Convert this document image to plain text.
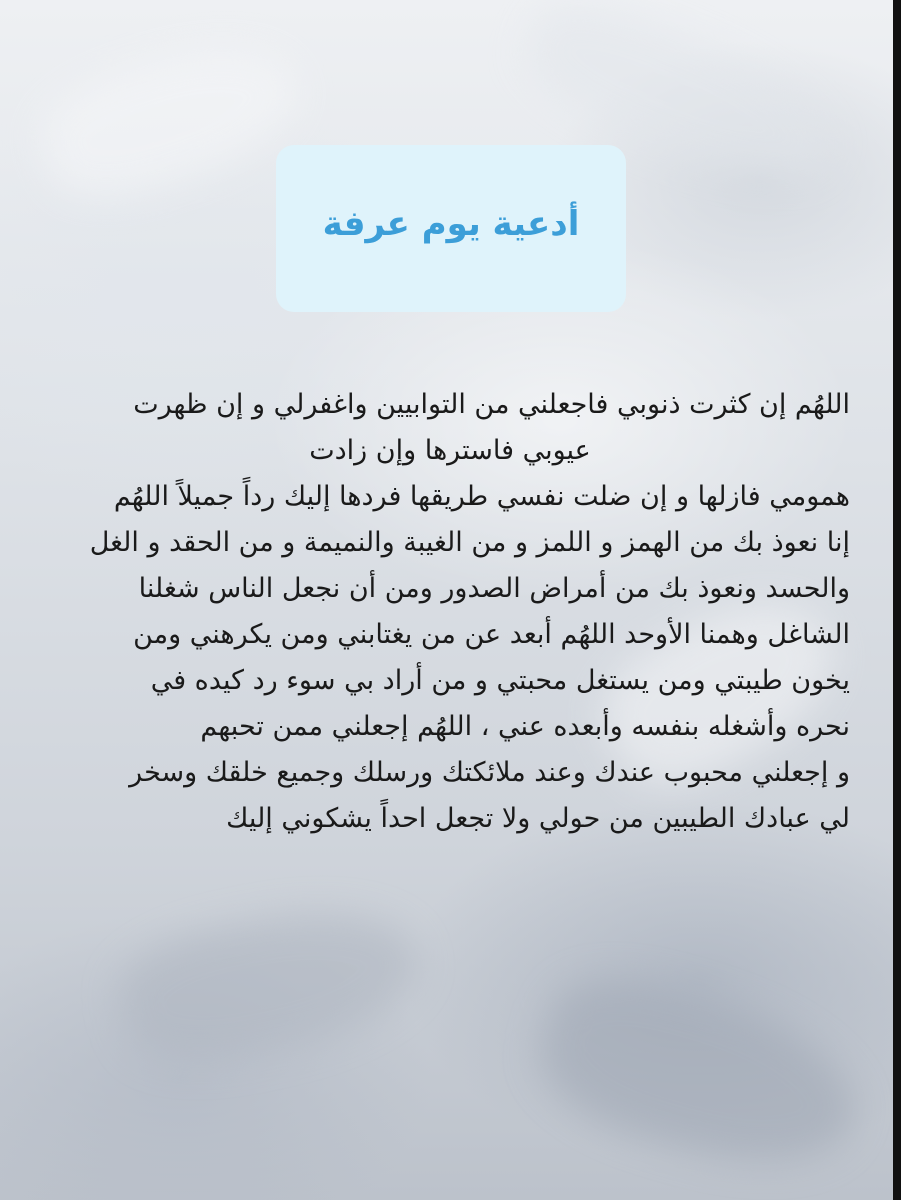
أدعية يوم عرفة
اللهُم إن كثرت ذنوبي فاجعلني من التوابيين واغفرلي و إن ظهرت
عيوبي فاسترها وإن زادت
همومي فازلها و إن ضلت نفسي طريقها فردها إليك رداً جميلاً اللهُم
إنا نعوذ بك من الهمز و اللمز و من الغيبة والنميمة و من الحقد و الغل
والحسد ونعوذ بك من أمراض الصدور ومن أن نجعل الناس شغلنا
الشاغل وهمنا الأوحد اللهُم أبعد عن من يغتابني ومن يكرهني ومن
يخون طيبتي ومن يستغل محبتي و من أراد بي سوء رد كيده في
نحره وأشغله بنفسه وأبعده عني ، اللهُم إجعلني ممن تحبهم
و إجعلني محبوب عندك وعند ملائكتك ورسلك وجميع خلقك وسخر
لي عبادك الطيبين من حولي ولا تجعل احداً يشكوني إليك
